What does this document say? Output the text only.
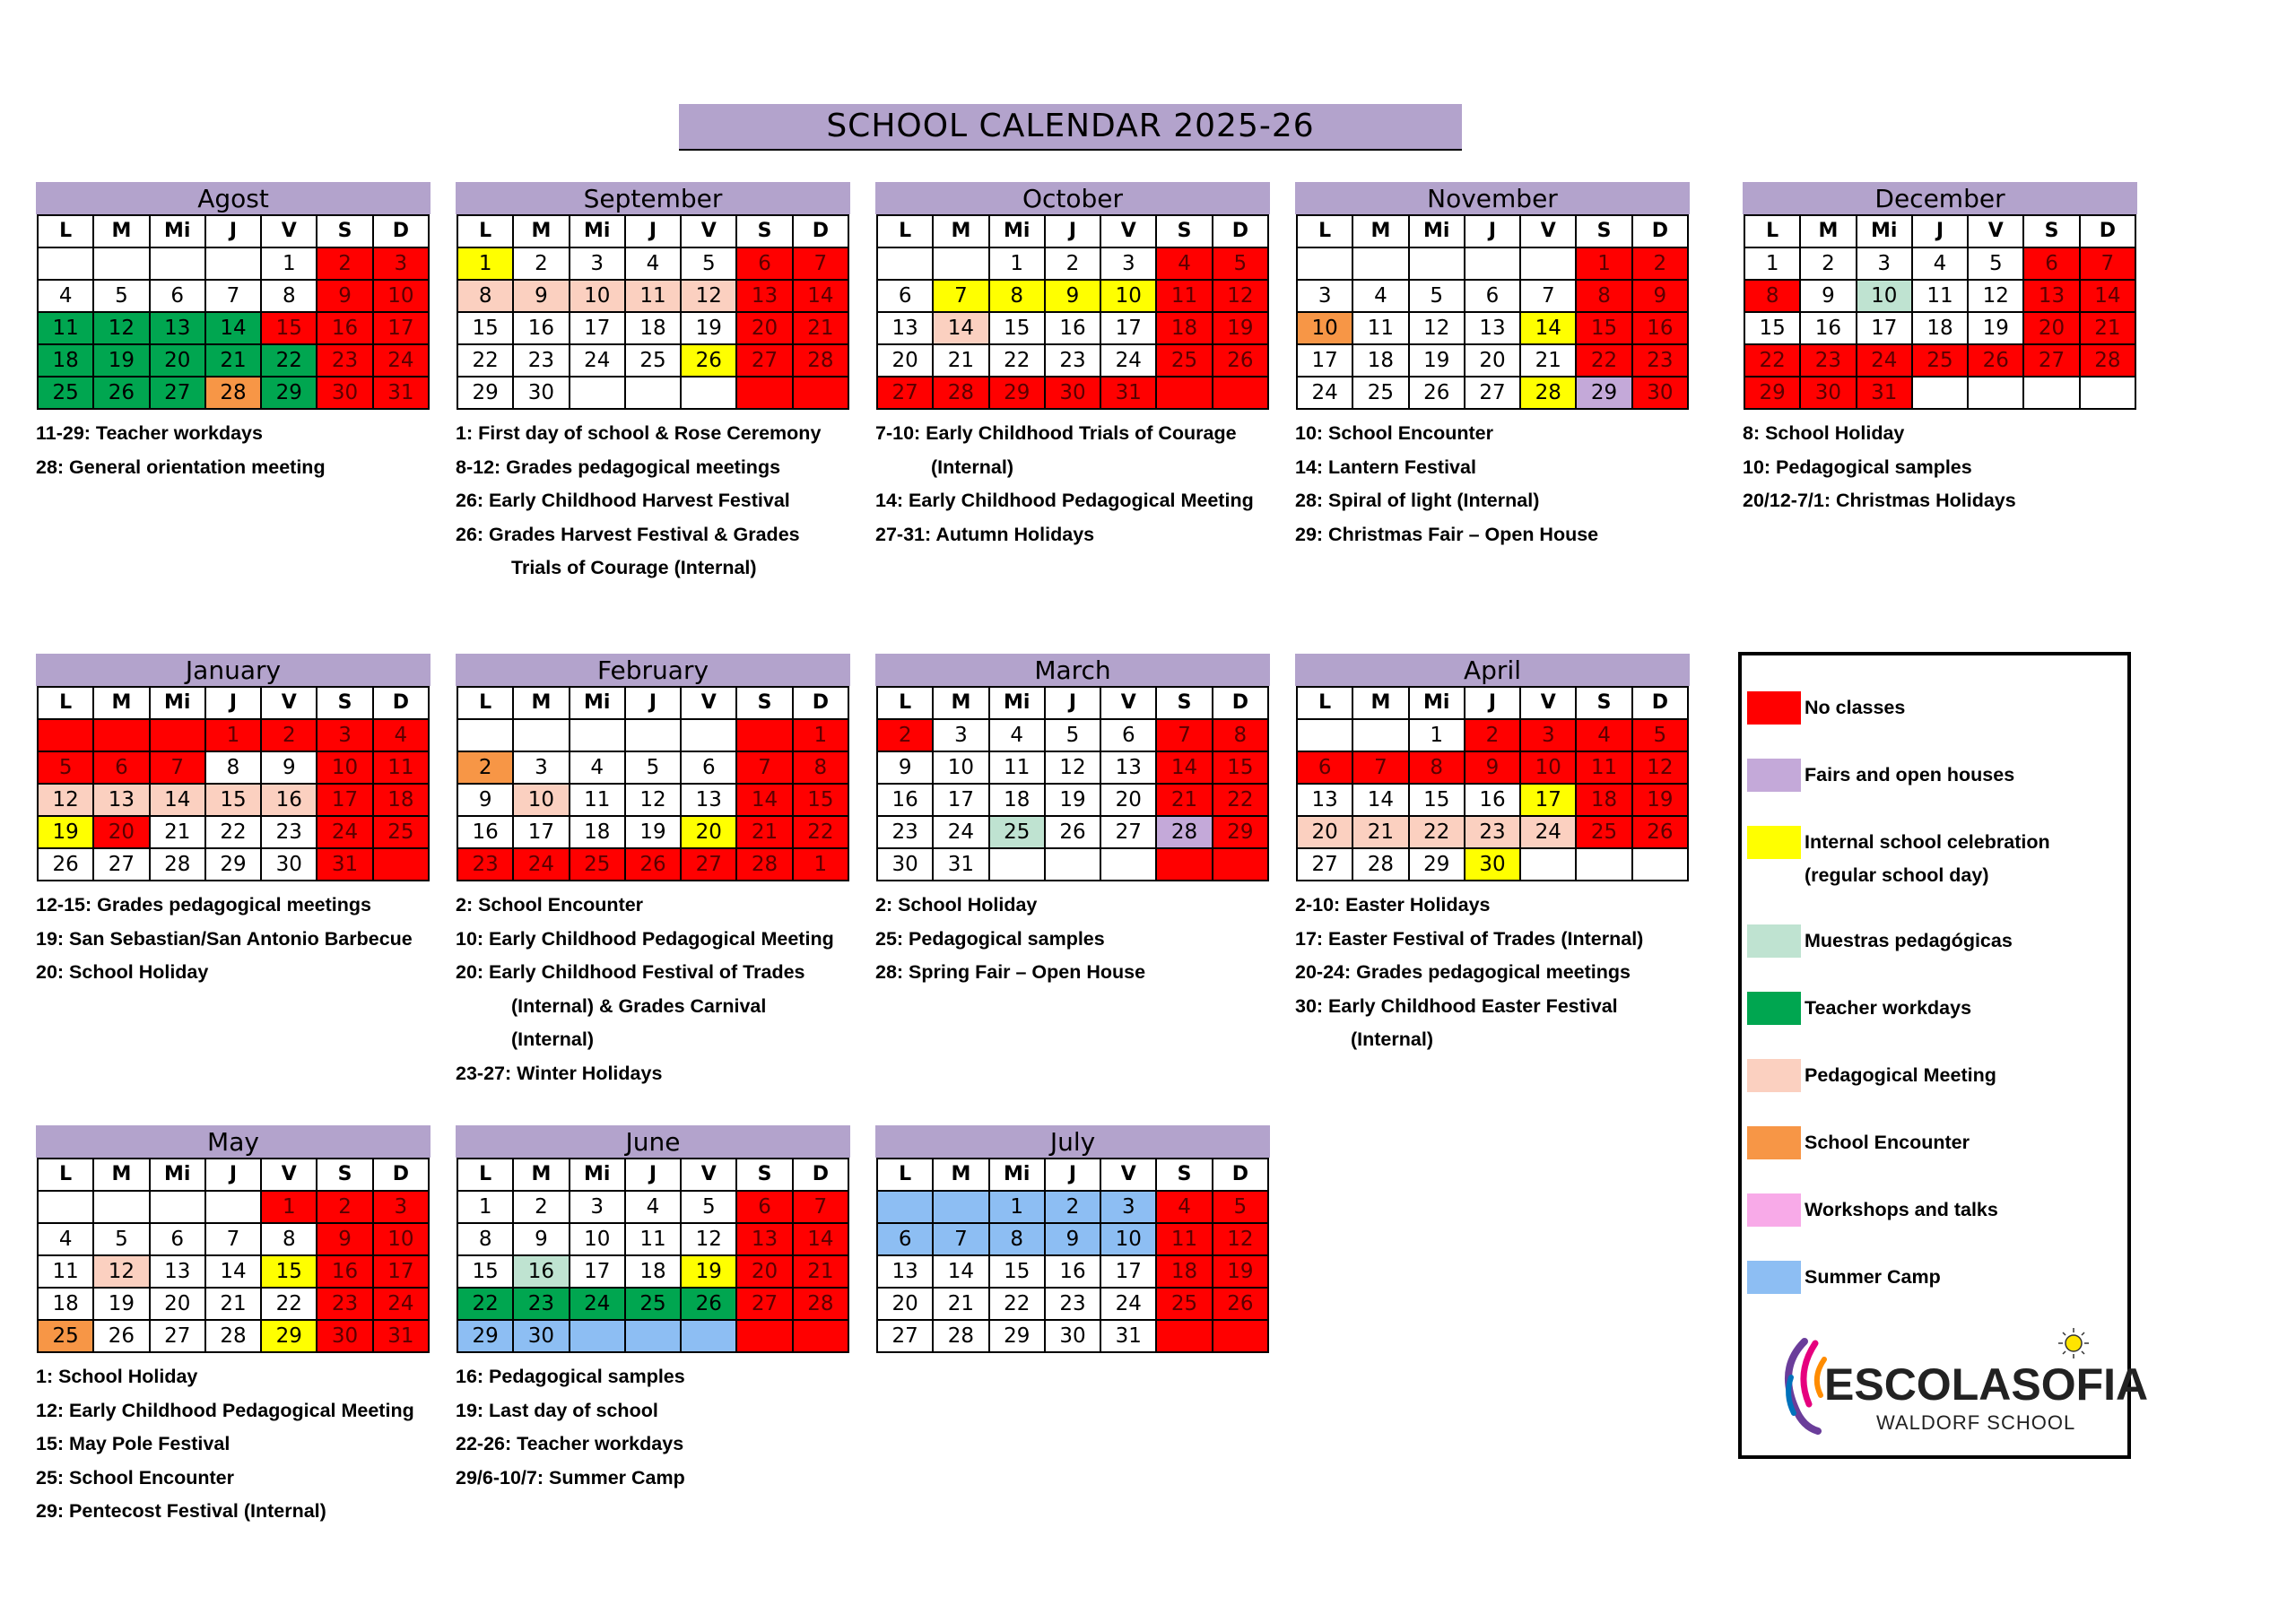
SCHOOL CALENDAR 2025-26
Agost
L	M	Mi	J	V	S	D
				1	2	3
4	5	6	7	8	9	10
11	12	13	14	15	16	17
18	19	20	21	22	23	24
25	26	27	28	29	30	31
11-29: Teacher workdays
28: General orientation meeting
September
L	M	Mi	J	V	S	D
1	2	3	4	5	6	7
8	9	10	11	12	13	14
15	16	17	18	19	20	21
22	23	24	25	26	27	28
29	30					
1: First day of school & Rose Ceremony
8-12: Grades pedagogical meetings
26: Early Childhood Harvest Festival
26: Grades Harvest Festival & Grades
Trials of Courage (Internal)
October
L	M	Mi	J	V	S	D
		1	2	3	4	5
6	7	8	9	10	11	12
13	14	15	16	17	18	19
20	21	22	23	24	25	26
27	28	29	30	31		
7-10: Early Childhood Trials of Courage
(Internal)
14: Early Childhood Pedagogical Meeting
27-31: Autumn Holidays
November
L	M	Mi	J	V	S	D
					1	2
3	4	5	6	7	8	9
10	11	12	13	14	15	16
17	18	19	20	21	22	23
24	25	26	27	28	29	30
10: School Encounter
14: Lantern Festival
28: Spiral of light (Internal)
29: Christmas Fair – Open House
December
L	M	Mi	J	V	S	D
1	2	3	4	5	6	7
8	9	10	11	12	13	14
15	16	17	18	19	20	21
22	23	24	25	26	27	28
29	30	31				
8: School Holiday
10: Pedagogical samples
20/12-7/1: Christmas Holidays
January
L	M	Mi	J	V	S	D
			1	2	3	4
5	6	7	8	9	10	11
12	13	14	15	16	17	18
19	20	21	22	23	24	25
26	27	28	29	30	31	
12-15: Grades pedagogical meetings
19: San Sebastian/San Antonio Barbecue
20: School Holiday
February
L	M	Mi	J	V	S	D
						1
2	3	4	5	6	7	8
9	10	11	12	13	14	15
16	17	18	19	20	21	22
23	24	25	26	27	28	1
2: School Encounter
10: Early Childhood Pedagogical Meeting
20: Early Childhood Festival of Trades
(Internal) & Grades Carnival
(Internal)
23-27: Winter Holidays
March
L	M	Mi	J	V	S	D
2	3	4	5	6	7	8
9	10	11	12	13	14	15
16	17	18	19	20	21	22
23	24	25	26	27	28	29
30	31					
2: School Holiday
25: Pedagogical samples
28: Spring Fair – Open House
April
L	M	Mi	J	V	S	D
		1	2	3	4	5
6	7	8	9	10	11	12
13	14	15	16	17	18	19
20	21	22	23	24	25	26
27	28	29	30			
2-10: Easter Holidays
17: Easter Festival of Trades (Internal)
20-24: Grades pedagogical meetings
30: Early Childhood Easter Festival
(Internal)
May
L	M	Mi	J	V	S	D
				1	2	3
4	5	6	7	8	9	10
11	12	13	14	15	16	17
18	19	20	21	22	23	24
25	26	27	28	29	30	31
1: School Holiday
12: Early Childhood Pedagogical Meeting
15: May Pole Festival
25: School Encounter
29: Pentecost Festival (Internal)
June
L	M	Mi	J	V	S	D
1	2	3	4	5	6	7
8	9	10	11	12	13	14
15	16	17	18	19	20	21
22	23	24	25	26	27	28
29	30					
16: Pedagogical samples
19: Last day of school
22-26: Teacher workdays
29/6-10/7: Summer Camp
July
L	M	Mi	J	V	S	D
		1	2	3	4	5
6	7	8	9	10	11	12
13	14	15	16	17	18	19
20	21	22	23	24	25	26
27	28	29	30	31		
No classes
Fairs and open houses
Internal school celebration
(regular school day)
Muestras pedagógicas
Teacher workdays
Pedagogical Meeting
School Encounter
Workshops and talks
Summer Camp
ESCOLASOFIA
WALDORF SCHOOL
